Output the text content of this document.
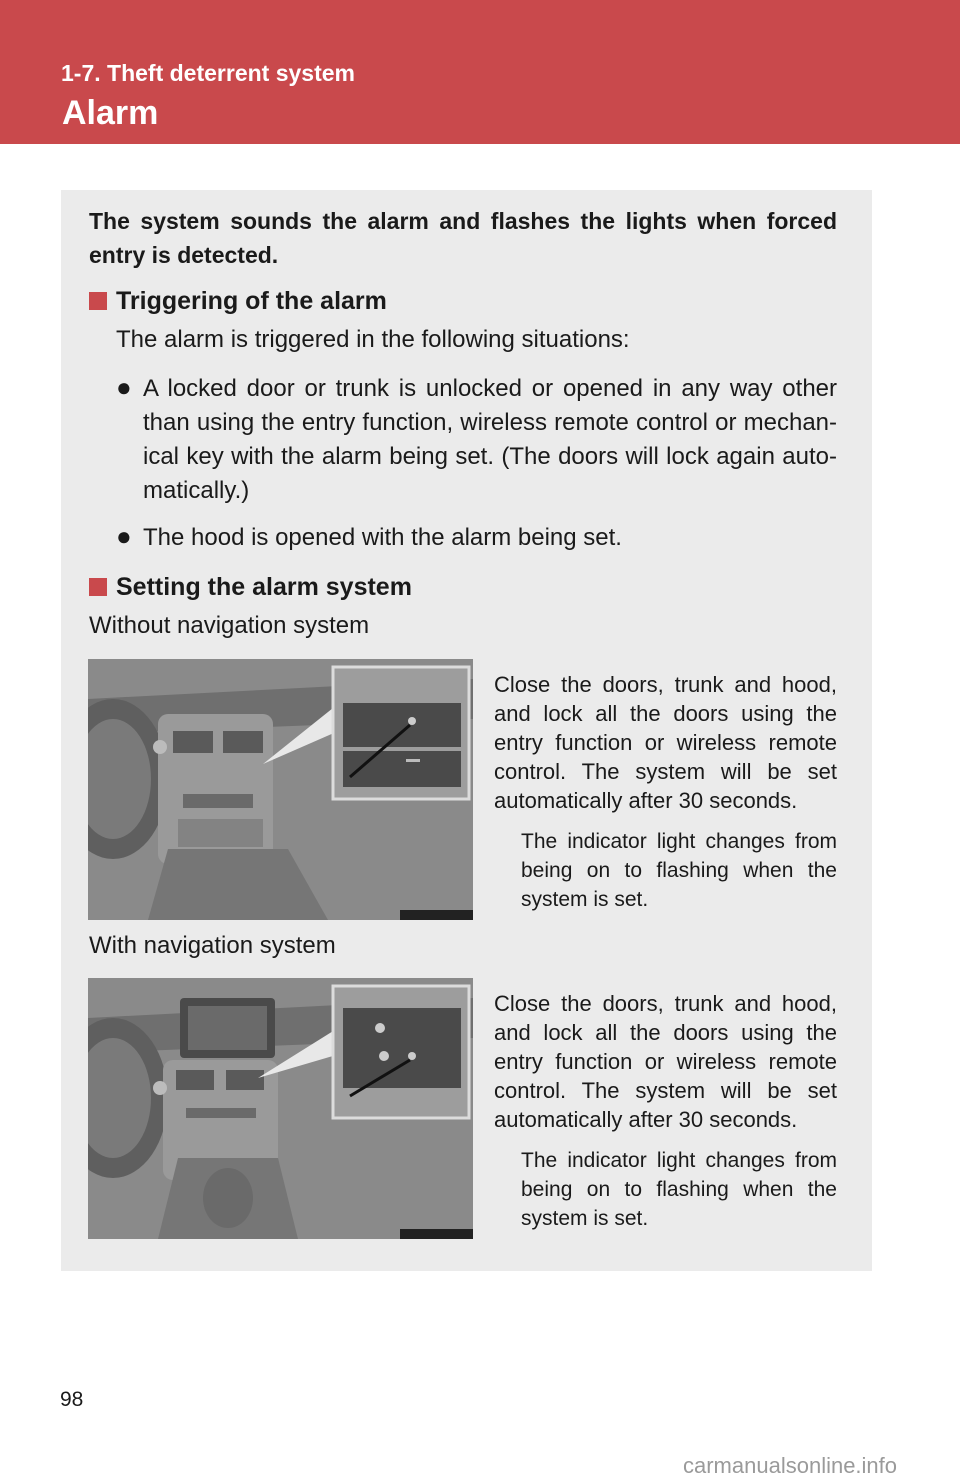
1-7. Theft deterrent system
Alarm
The system sounds the alarm and flashes the lights when forced entry is detected.
Triggering of the alarm
The alarm is triggered in the following situations:
● A locked door or trunk is unlocked or opened in any way other than using the entry function, wireless remote control or mechan-ical key with the alarm being set. (The doors will lock again auto-matically.)
● The hood is opened with the alarm being set.
Setting the alarm system
Without navigation system
Close the doors, trunk and hood, and lock all the doors using the entry function or wireless remote control. The system will be set automatically after 30 seconds.
The indicator light changes from being on to flashing when the system is set.
With navigation system
Close the doors, trunk and hood, and lock all the doors using the entry function or wireless remote control. The system will be set automatically after 30 seconds.
The indicator light changes from being on to flashing when the system is set.
98
carmanualsonline.info
